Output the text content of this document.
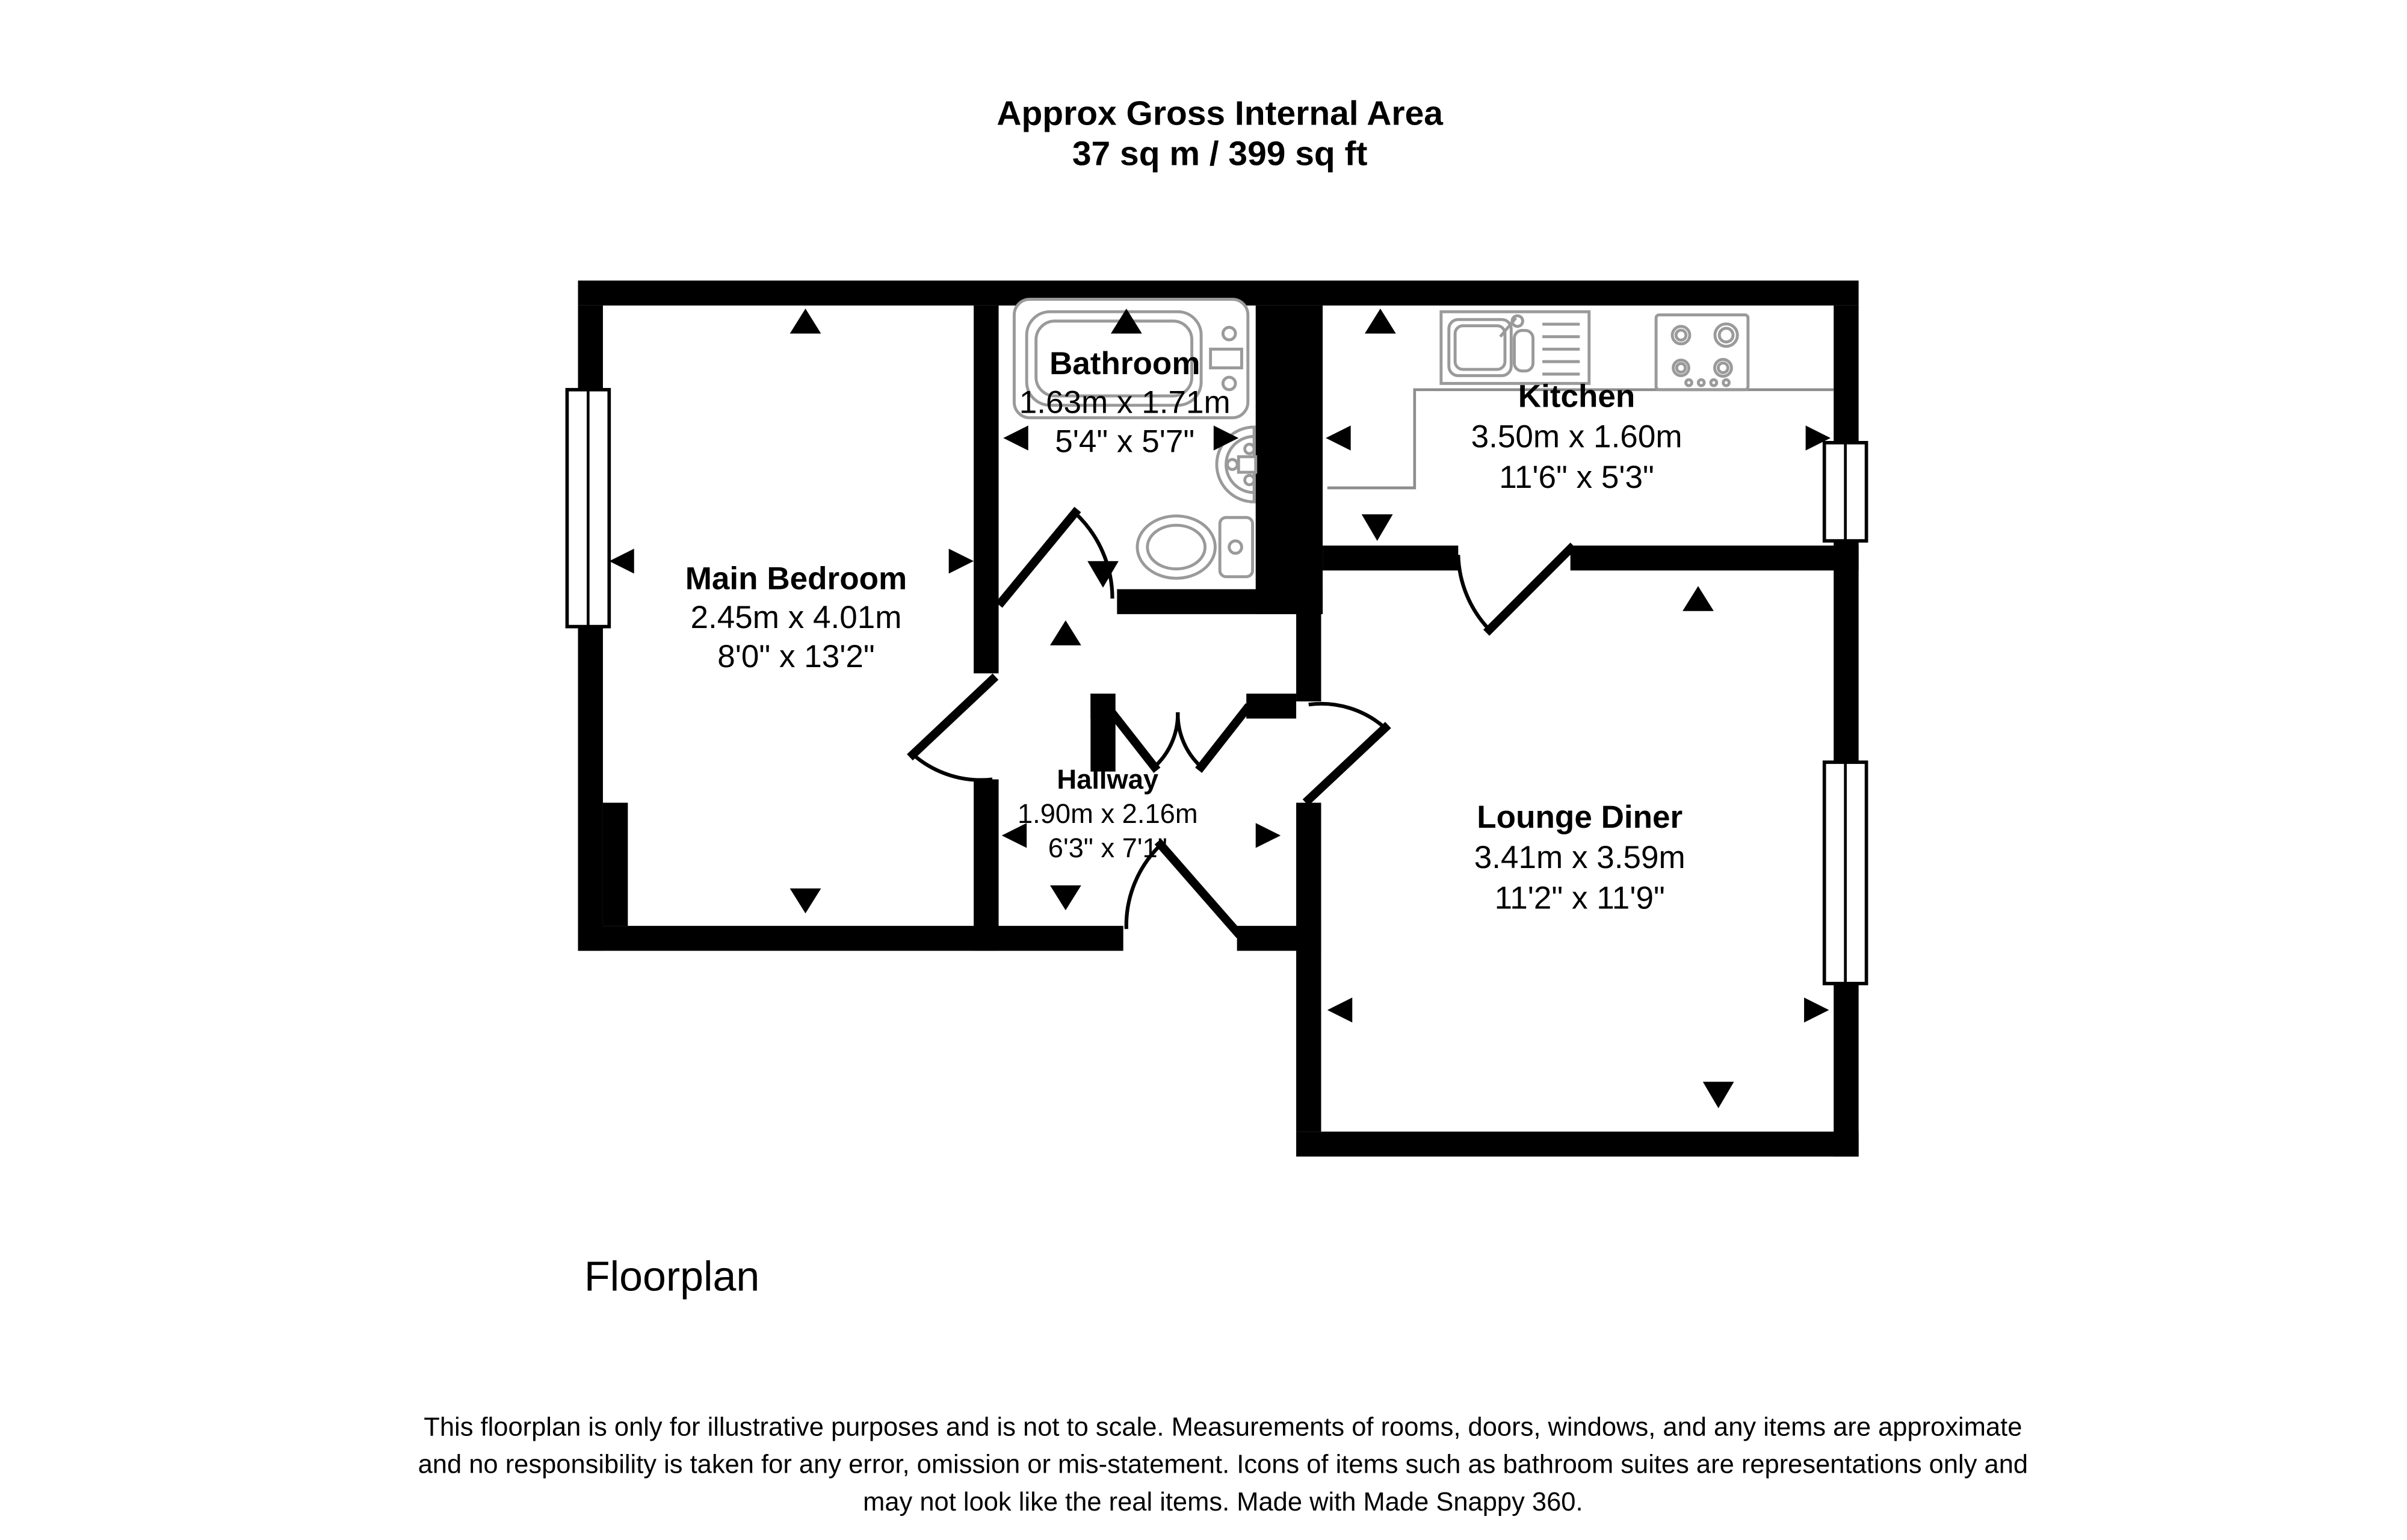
Approx Gross Internal Area
37 sq m / 399 sq ft
Main Bedroom
2.45m x 4.01m
8'0" x 13'2"
Bathroom
1.63m x 1.71m
5'4" x 5'7"
Kitchen
3.50m x 1.60m
11'6" x 5'3"
Hallway
1.90m x 2.16m
6'3" x 7'1"
Lounge Diner
3.41m x 3.59m
11'2" x 11'9"
Floorplan
This floorplan is only for illustrative purposes and is not to scale. Measurements of rooms, doors, windows, and any items are approximate
and no responsibility is taken for any error, omission or mis-statement. Icons of items such as bathroom suites are representations only and
may not look like the real items. Made with Made Snappy 360.
